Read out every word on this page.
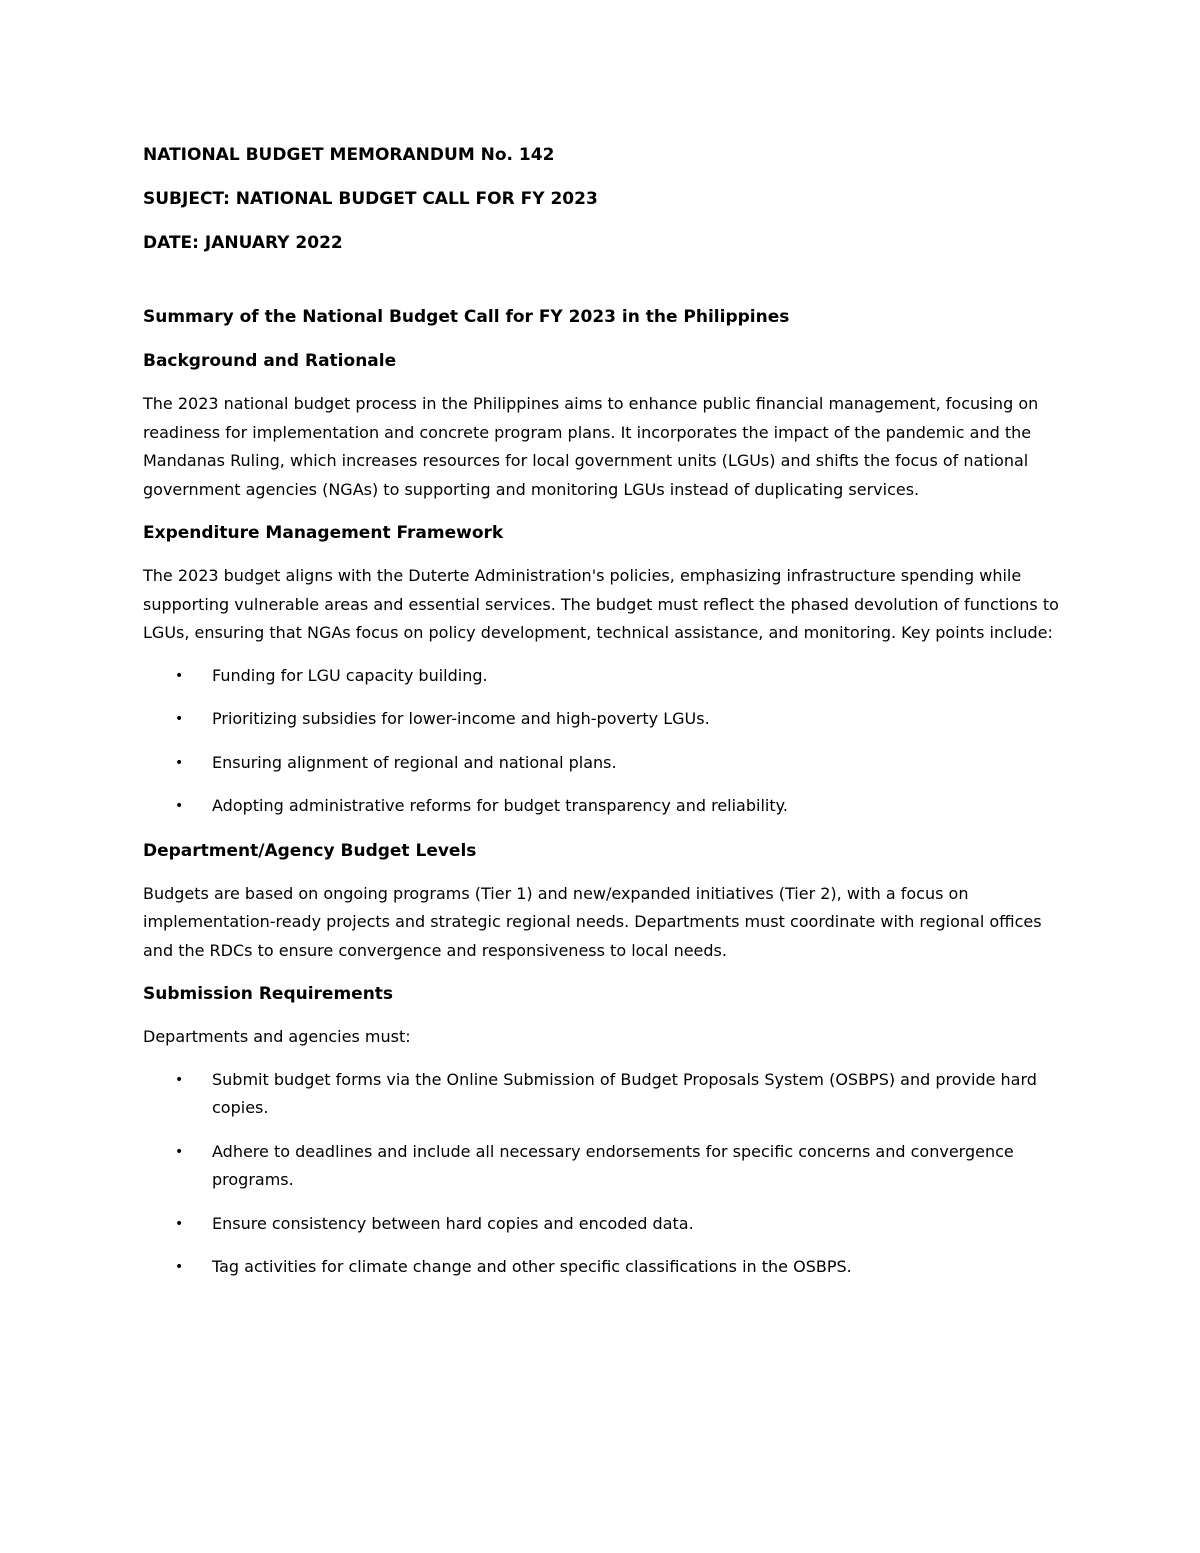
NATIONAL BUDGET MEMORANDUM No. 142

SUBJECT: NATIONAL BUDGET CALL FOR FY 2023

DATE: JANUARY 2022

Summary of the National Budget Call for FY 2023 in the Philippines
Background and Rationale

The 2023 national budget process in the Philippines aims to enhance public financial management, focusing on readiness for implementation and concrete program plans. It incorporates the impact of the pandemic and the Mandanas Ruling, which increases resources for local government units (LGUs) and shifts the focus of national government agencies (NGAs) to supporting and monitoring LGUs instead of duplicating services.

Expenditure Management Framework

The 2023 budget aligns with the Duterte Administration's policies, emphasizing infrastructure spending while supporting vulnerable areas and essential services. The budget must reflect the phased devolution of functions to LGUs, ensuring that NGAs focus on policy development, technical assistance, and monitoring. Key points include:

• Funding for LGU capacity building.
• Prioritizing subsidies for lower-income and high-poverty LGUs.
• Ensuring alignment of regional and national plans.
• Adopting administrative reforms for budget transparency and reliability.
Department/Agency Budget Levels

Budgets are based on ongoing programs (Tier 1) and new/expanded initiatives (Tier 2), with a focus on implementation-ready projects and strategic regional needs. Departments must coordinate with regional offices and the RDCs to ensure convergence and responsiveness to local needs.

Submission Requirements

Departments and agencies must:

• Submit budget forms via the Online Submission of Budget Proposals System (OSBPS) and provide hard copies.
• Adhere to deadlines and include all necessary endorsements for specific concerns and convergence programs.
• Ensure consistency between hard copies and encoded data.
• Tag activities for climate change and other specific classifications in the OSBPS.
